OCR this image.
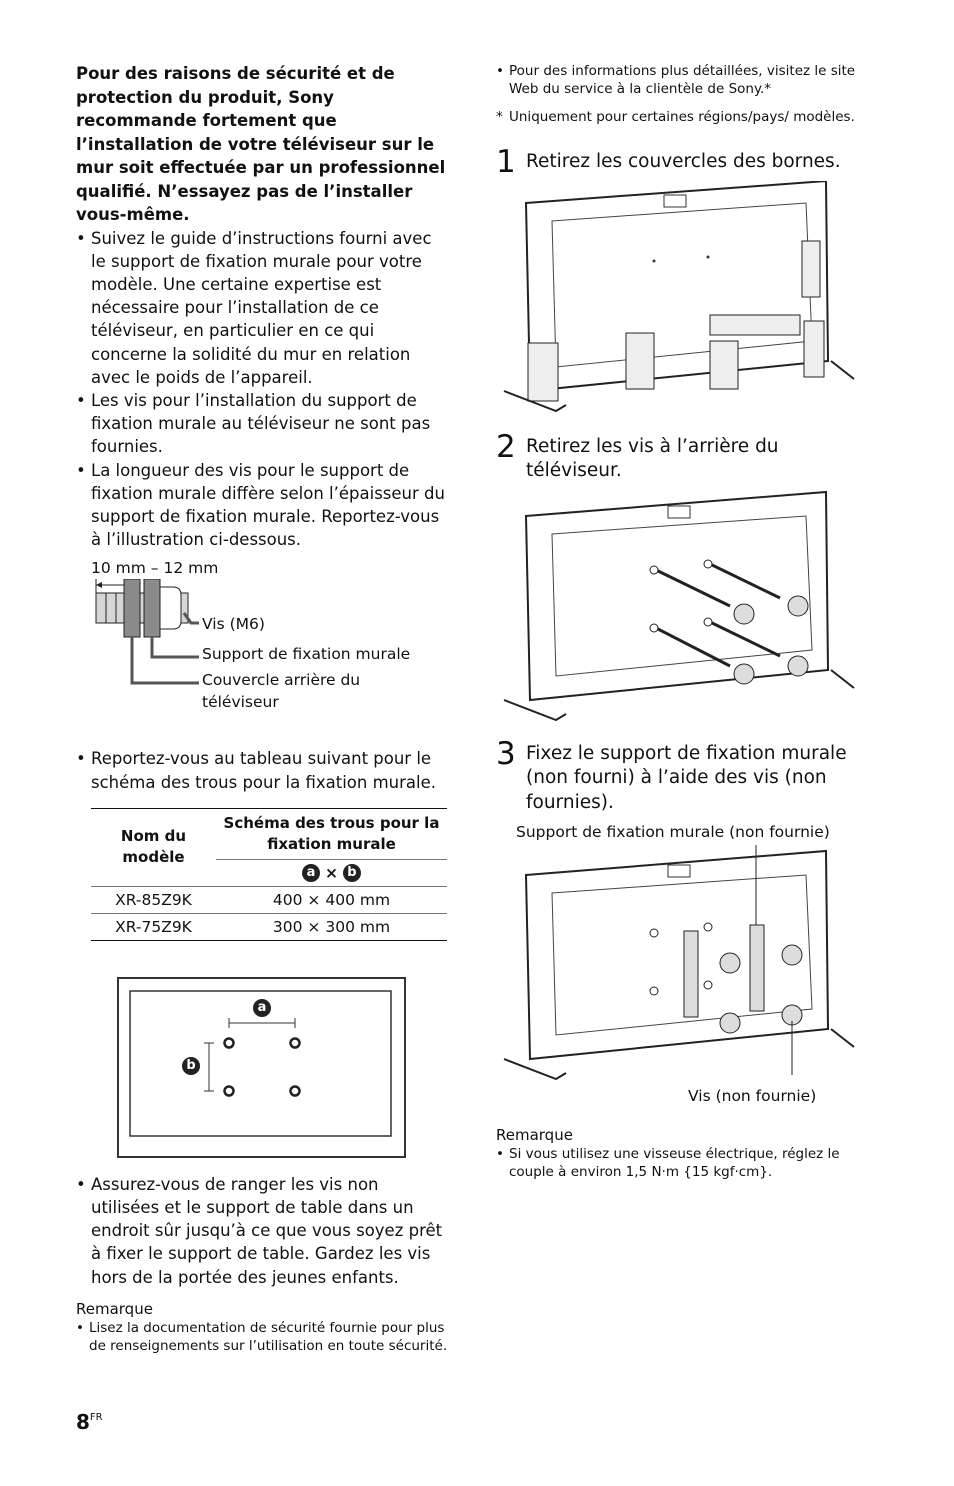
Pour des raisons de sécurité et de protection du produit, Sony recommande fortement que l’installation de votre téléviseur sur le mur soit effectuée par un professionnel qualifié. N’essayez pas de l’installer vous-même.

• Suivez le guide d’instructions fourni avec le support de fixation murale pour votre modèle. Une certaine expertise est nécessaire pour l’installation de ce téléviseur, en particulier en ce qui concerne la solidité du mur en relation avec le poids de l’appareil.
• Les vis pour l’installation du support de fixation murale au téléviseur ne sont pas fournies.
• La longueur des vis pour le support de fixation murale diffère selon l’épaisseur du support de fixation murale. Reportez-vous à l’illustration ci-dessous.
10 mm – 12 mm
Vis (M6)
Support de fixation murale
Couvercle arrière du téléviseur
• Reportez-vous au tableau suivant pour le schéma des trous pour la fixation murale.
Nom du modèle	Schéma des trous pour la fixation murale
	a × b
XR-85Z9K	400 × 400 mm
XR-75Z9K	300 × 300 mm
a
b
• Assurez-vous de ranger les vis non utilisées et le support de table dans un endroit sûr jusqu’à ce que vous soyez prêt à fixer le support de table. Gardez les vis hors de la portée des jeunes enfants.
Remarque
• Lisez la documentation de sécurité fournie pour plus de renseignements sur l’utilisation en toute sécurité.
• Pour des informations plus détaillées, visitez le site Web du service à la clientèle de Sony.*
* Uniquement pour certaines régions/pays/ modèles.
1 Retirez les couvercles des bornes.
2 Retirez les vis à l’arrière du téléviseur.
3 Fixez le support de fixation murale (non fourni) à l’aide des vis (non fournies).
Support de fixation murale (non fournie)
Vis (non fournie)
Remarque
• Si vous utilisez une visseuse électrique, réglez le couple à environ 1,5 N·m {15 kgf·cm}.
$8^{FR}$
